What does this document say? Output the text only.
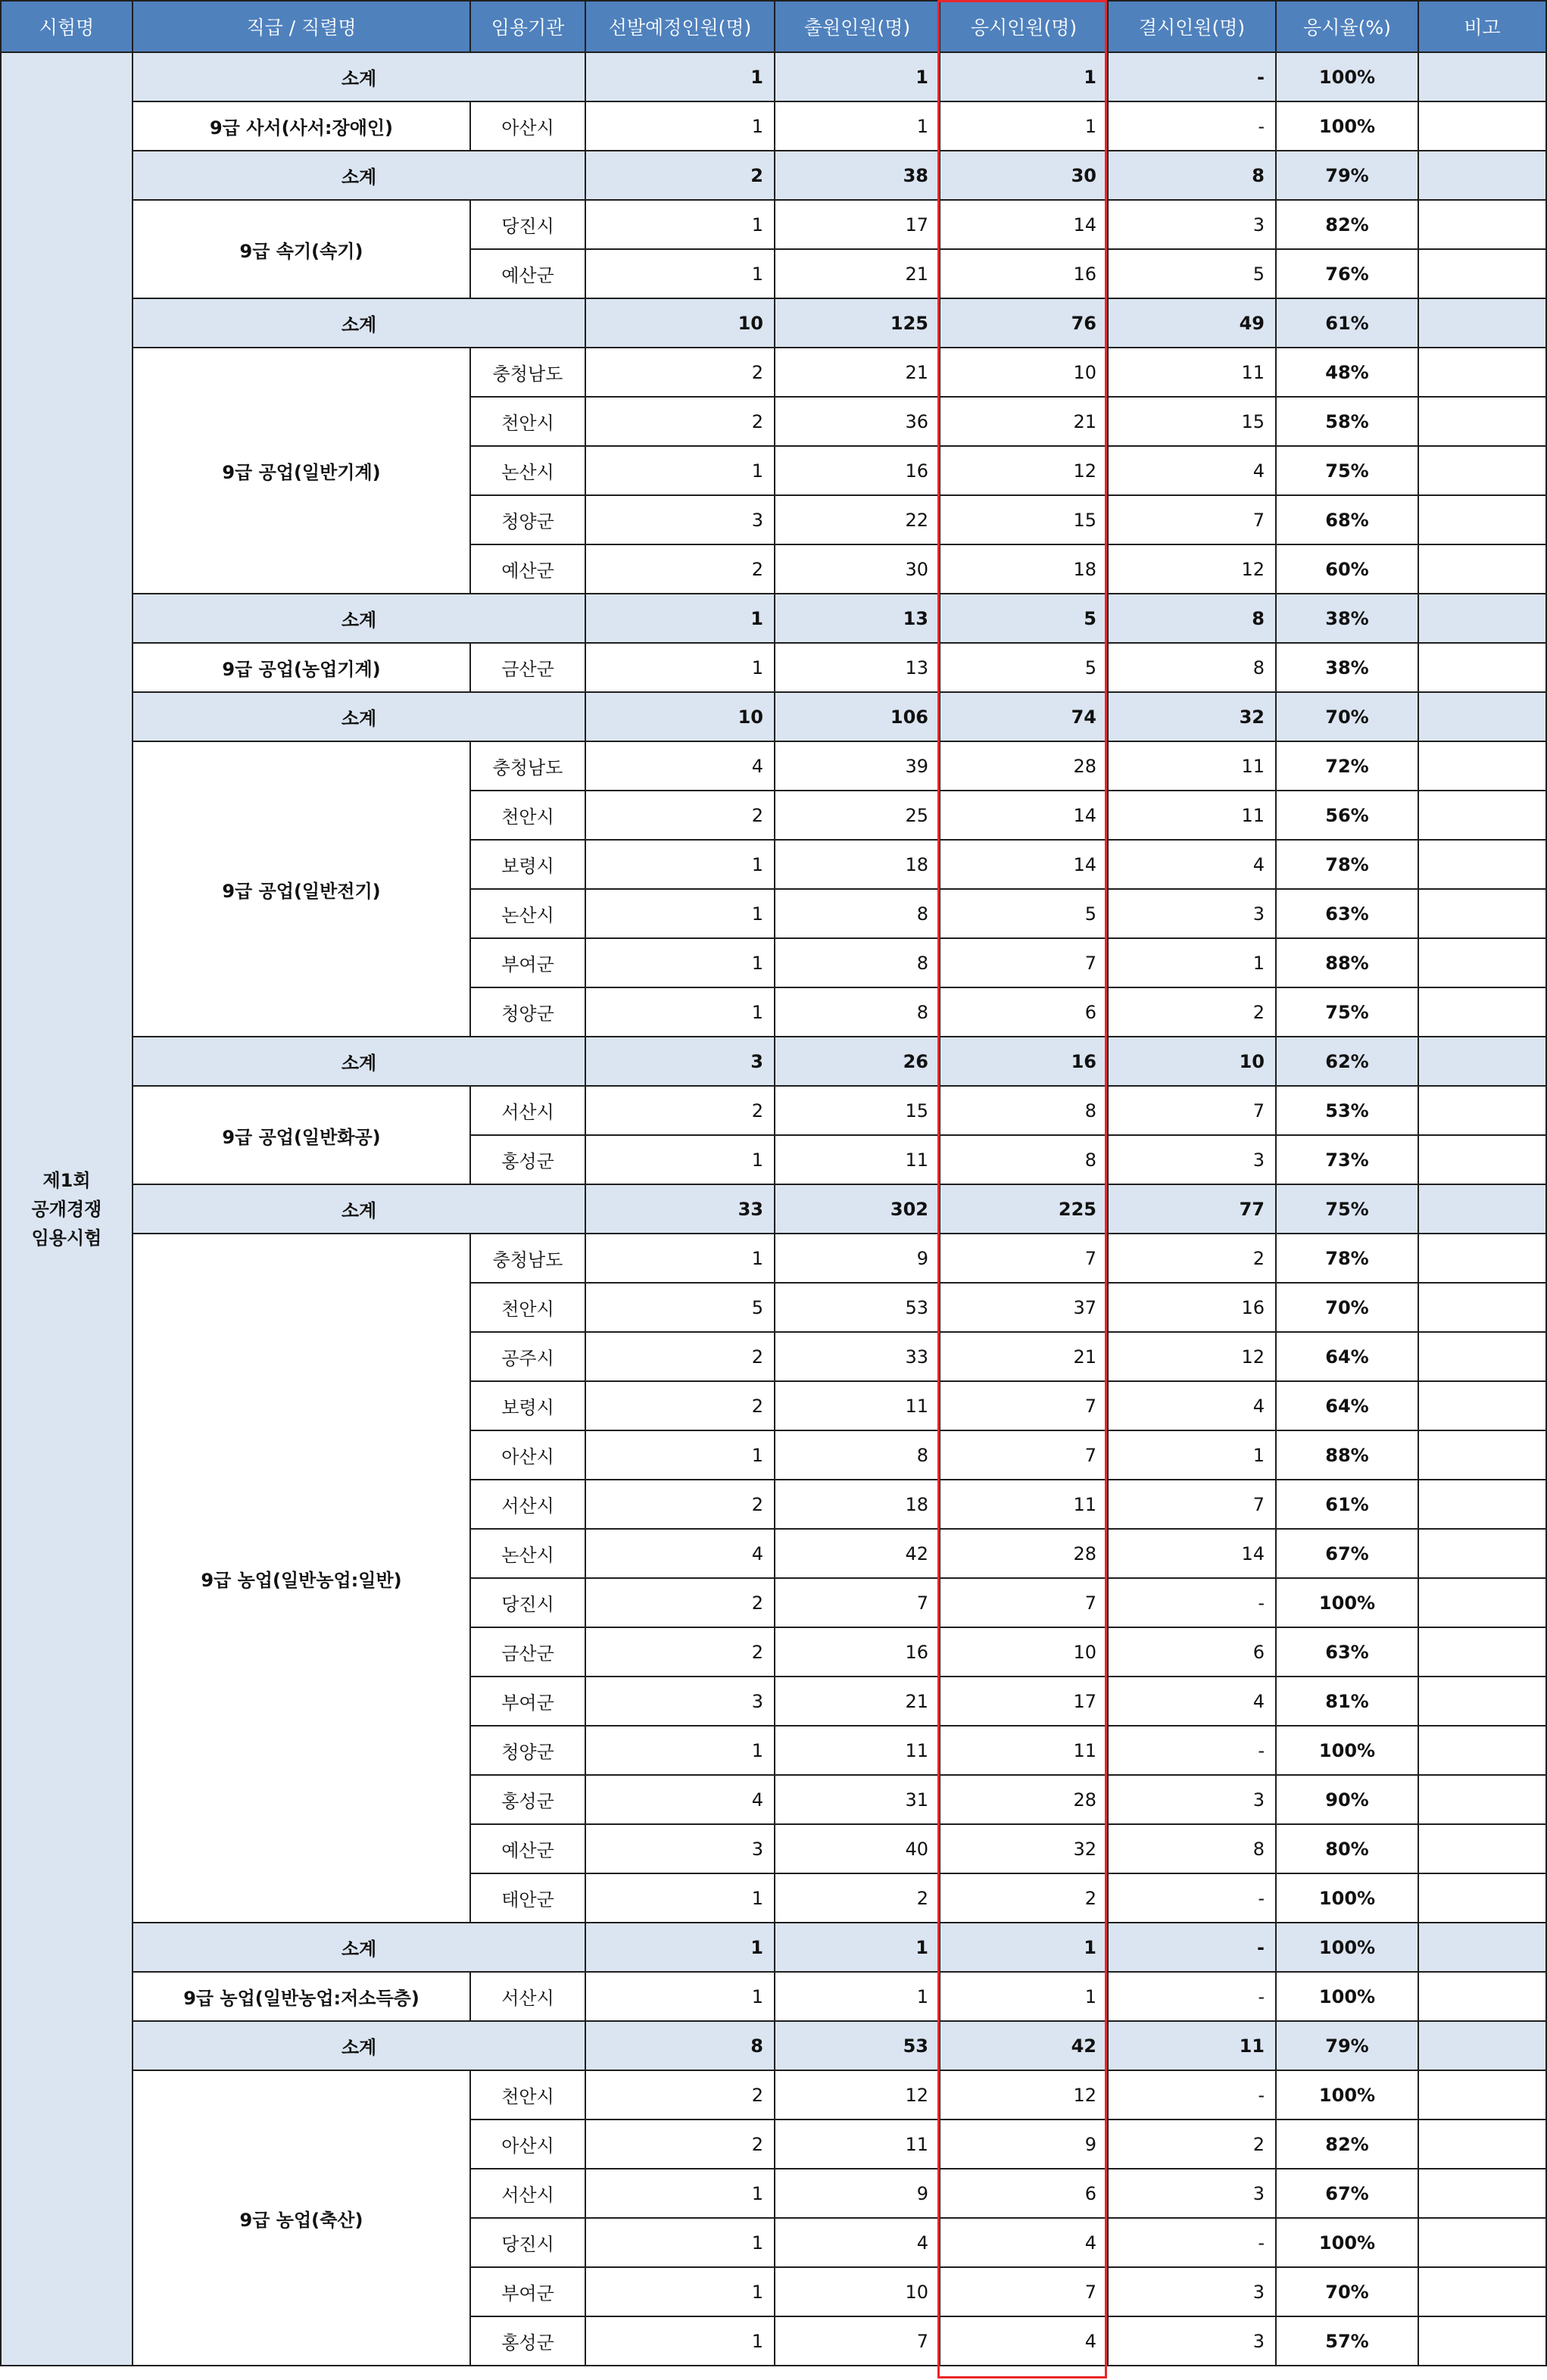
시험명	직급 / 직렬명	임용기관	선발예정인원(명)	출원인원(명)	응시인원(명)	결시인원(명)	응시율(%)	비고

제1회
공개경쟁
임용시험	소계		1	1	1	-	100%	
	9급 사서(사서:장애인)	아산시	1	1	1	-	100%	
	소계		2	38	30	8	79%	
	9급 속기(속기)	당진시	1	17	14	3	82%	
		예산군	1	21	16	5	76%	
	소계		10	125	76	49	61%	
	9급 공업(일반기계)	충청남도	2	21	10	11	48%	
		천안시	2	36	21	15	58%	
		논산시	1	16	12	4	75%	
		청양군	3	22	15	7	68%	
		예산군	2	30	18	12	60%	
	소계		1	13	5	8	38%	
	9급 공업(농업기계)	금산군	1	13	5	8	38%	
	소계		10	106	74	32	70%	
	9급 공업(일반전기)	충청남도	4	39	28	11	72%	
		천안시	2	25	14	11	56%	
		보령시	1	18	14	4	78%	
		논산시	1	8	5	3	63%	
		부여군	1	8	7	1	88%	
		청양군	1	8	6	2	75%	
	소계		3	26	16	10	62%	
	9급 공업(일반화공)	서산시	2	15	8	7	53%	
		홍성군	1	11	8	3	73%	
	소계		33	302	225	77	75%	
	9급 농업(일반농업:일반)	충청남도	1	9	7	2	78%	
		천안시	5	53	37	16	70%	
		공주시	2	33	21	12	64%	
		보령시	2	11	7	4	64%	
		아산시	1	8	7	1	88%	
		서산시	2	18	11	7	61%	
		논산시	4	42	28	14	67%	
		당진시	2	7	7	-	100%	
		금산군	2	16	10	6	63%	
		부여군	3	21	17	4	81%	
		청양군	1	11	11	-	100%	
		홍성군	4	31	28	3	90%	
		예산군	3	40	32	8	80%	
		태안군	1	2	2	-	100%	
	소계		1	1	1	-	100%	
	9급 농업(일반농업:저소득층)	서산시	1	1	1	-	100%	
	소계		8	53	42	11	79%	
	9급 농업(축산)	천안시	2	12	12	-	100%	
		아산시	2	11	9	2	82%	
		서산시	1	9	6	3	67%	
		당진시	1	4	4	-	100%	
		부여군	1	10	7	3	70%	
		홍성군	1	7	4	3	57%	
